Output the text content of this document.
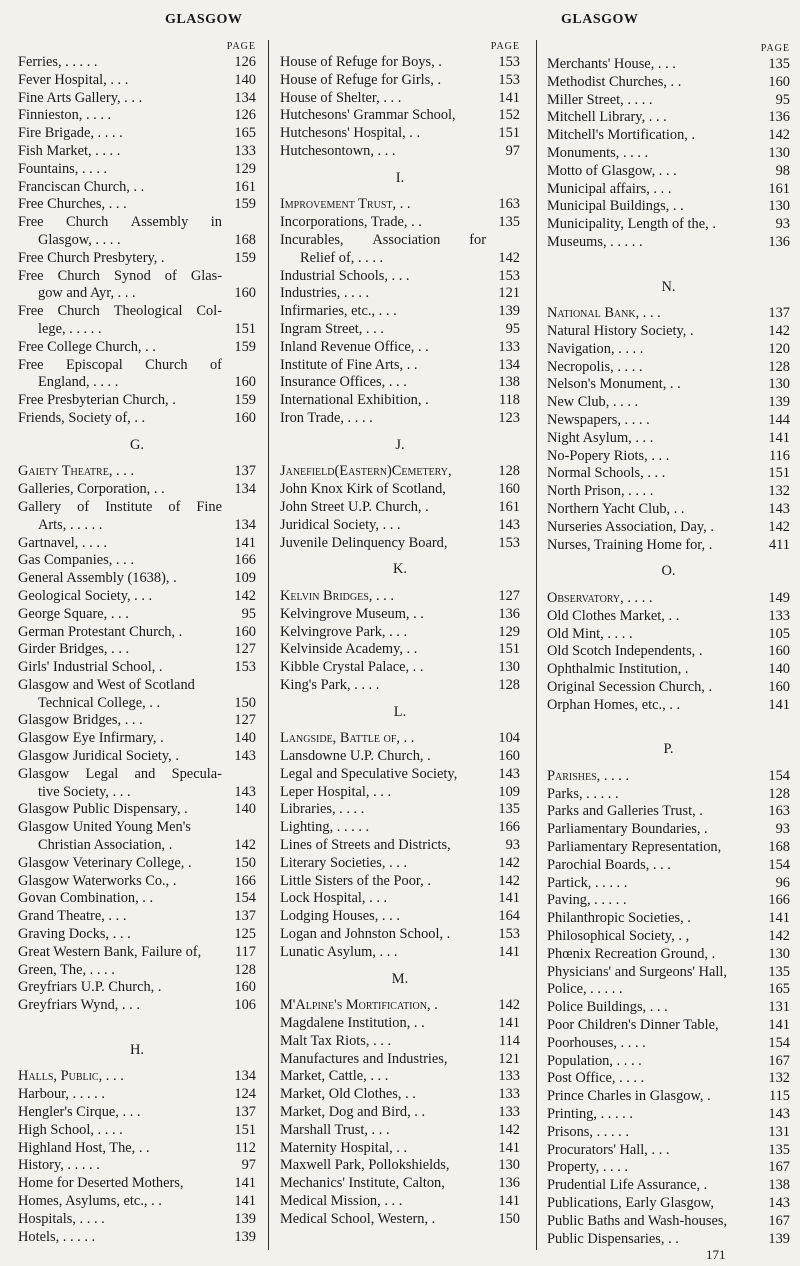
GLASGOW	GLASGOW
PAGE
Ferries, . . . . .	126
Fever Hospital, . . .	140
Fine Arts Gallery, . . .	134
Finnieston, . . . .	126
Fire Brigade, . . . .	165
Fish Market, . . . .	133
Fountains, . . . .	129
Franciscan Church, . .	161
Free Churches, . . .	159
Free Church Assembly in
Glasgow, . . . .	168
Free Church Presbytery, .	159
Free Church Synod of Glas-
gow and Ayr, . . .	160
Free Church Theological Col-
lege, . . . . .	151
Free College Church, . .	159
Free Episcopal Church of
England, . . . .	160
Free Presbyterian Church, .	159
Friends, Society of, . .	160
G.
Gaiety Theatre, . . .	137
Galleries, Corporation, . .	134
Gallery of Institute of Fine
Arts, . . . . .	134
Gartnavel, . . . .	141
Gas Companies, . . .	166
General Assembly (1638), .	109
Geological Society, . . .	142
George Square, . . .	95
German Protestant Church, .	160
Girder Bridges, . . .	127
Girls' Industrial School, .	153
Glasgow and West of Scotland
Technical College, . .	150
Glasgow Bridges, . . .	127
Glasgow Eye Infirmary, .	140
Glasgow Juridical Society, .	143
Glasgow Legal and Specula-
tive Society, . . .	143
Glasgow Public Dispensary, .	140
Glasgow United Young Men's
Christian Association, .	142
Glasgow Veterinary College, .	150
Glasgow Waterworks Co., .	166
Govan Combination, . .	154
Grand Theatre, . . .	137
Graving Docks, . . .	125
Great Western Bank, Failure of,	117
Green, The, . . . .	128
Greyfriars U.P. Church, .	160
Greyfriars Wynd, . . .	106
H.
Halls, Public, . . .	134
Harbour, . . . . .	124
Hengler's Cirque, . . .	137
High School, . . . .	151
Highland Host, The, . .	112
History, . . . . .	97
Home for Deserted Mothers,	141
Homes, Asylums, etc., . .	141
Hospitals, . . . .	139
Hotels, . . . . .	139
PAGE
House of Refuge for Boys, .	153
House of Refuge for Girls, .	153
House of Shelter, . . .	141
Hutchesons' Grammar School,	152
Hutchesons' Hospital, . .	151
Hutchesontown, . . .	97
I.
Improvement Trust, . .	163
Incorporations, Trade, . .	135
Incurables, Association for
Relief of, . . . .	142
Industrial Schools, . . .	153
Industries, . . . .	121
Infirmaries, etc., . . .	139
Ingram Street, . . .	95
Inland Revenue Office, . .	133
Institute of Fine Arts, . .	134
Insurance Offices, . . .	138
International Exhibition, .	118
Iron Trade, . . . .	123
J.
Janefield(Eastern)Cemetery,	128
John Knox Kirk of Scotland,	160
John Street U.P. Church, .	161
Juridical Society, . . .	143
Juvenile Delinquency Board,	153
K.
Kelvin Bridges, . . .	127
Kelvingrove Museum, . .	136
Kelvingrove Park, . . .	129
Kelvinside Academy, . .	151
Kibble Crystal Palace, . .	130
King's Park, . . . .	128
L.
Langside, Battle of, . .	104
Lansdowne U.P. Church, .	160
Legal and Speculative Society,	143
Leper Hospital, . . .	109
Libraries, . . . .	135
Lighting, . . . . .	166
Lines of Streets and Districts,	93
Literary Societies, . . .	142
Little Sisters of the Poor, .	142
Lock Hospital, . . .	141
Lodging Houses, . . .	164
Logan and Johnston School, .	153
Lunatic Asylum, . . .	141
M.
M'Alpine's Mortification, .	142
Magdalene Institution, . .	141
Malt Tax Riots, . . .	114
Manufactures and Industries,	121
Market, Cattle, . . .	133
Market, Old Clothes, . .	133
Market, Dog and Bird, . .	133
Marshall Trust, . . .	142
Maternity Hospital, . .	141
Maxwell Park, Pollokshields,	130
Mechanics' Institute, Calton,	136
Medical Mission, . . .	141
Medical School, Western, .	150
PAGE
Merchants' House, . . .	135
Methodist Churches, . .	160
Miller Street, . . . .	95
Mitchell Library, . . .	136
Mitchell's Mortification, .	142
Monuments, . . . .	130
Motto of Glasgow, . . .	98
Municipal affairs, . . .	161
Municipal Buildings, . .	130
Municipality, Length of the, .	93
Museums, . . . . .	136
N.
National Bank, . . .	137
Natural History Society, .	142
Navigation, . . . .	120
Necropolis, . . . .	128
Nelson's Monument, . .	130
New Club, . . . .	139
Newspapers, . . . .	144
Night Asylum, . . .	141
No-Popery Riots, . . .	116
Normal Schools, . . .	151
North Prison, . . . .	132
Northern Yacht Club, . .	143
Nurseries Association, Day, .	142
Nurses, Training Home for, .	411
O.
Observatory, . . . .	149
Old Clothes Market, . .	133
Old Mint, . . . .	105
Old Scotch Independents, .	160
Ophthalmic Institution, .	140
Original Secession Church, .	160
Orphan Homes, etc., . .	141
P.
Parishes, . . . .	154
Parks, . . . . .	128
Parks and Galleries Trust, .	163
Parliamentary Boundaries, .	93
Parliamentary Representation,	168
Parochial Boards, . . .	154
Partick, . . . . .	96
Paving, . . . . .	166
Philanthropic Societies, .	141
Philosophical Society, . ,	142
Phœnix Recreation Ground, .	130
Physicians' and Surgeons' Hall,	135
Police, . . . . .	165
Police Buildings, . . .	131
Poor Children's Dinner Table,	141
Poorhouses, . . . .	154
Population, . . . .	167
Post Office, . . . .	132
Prince Charles in Glasgow, .	115
Printing, . . . . .	143
Prisons, . . . . .	131
Procurators' Hall, . . .	135
Property, . . . .	167
Prudential Life Assurance, .	138
Publications, Early Glasgow,	143
Public Baths and Wash-houses,	167
Public Dispensaries, . .	139
171
